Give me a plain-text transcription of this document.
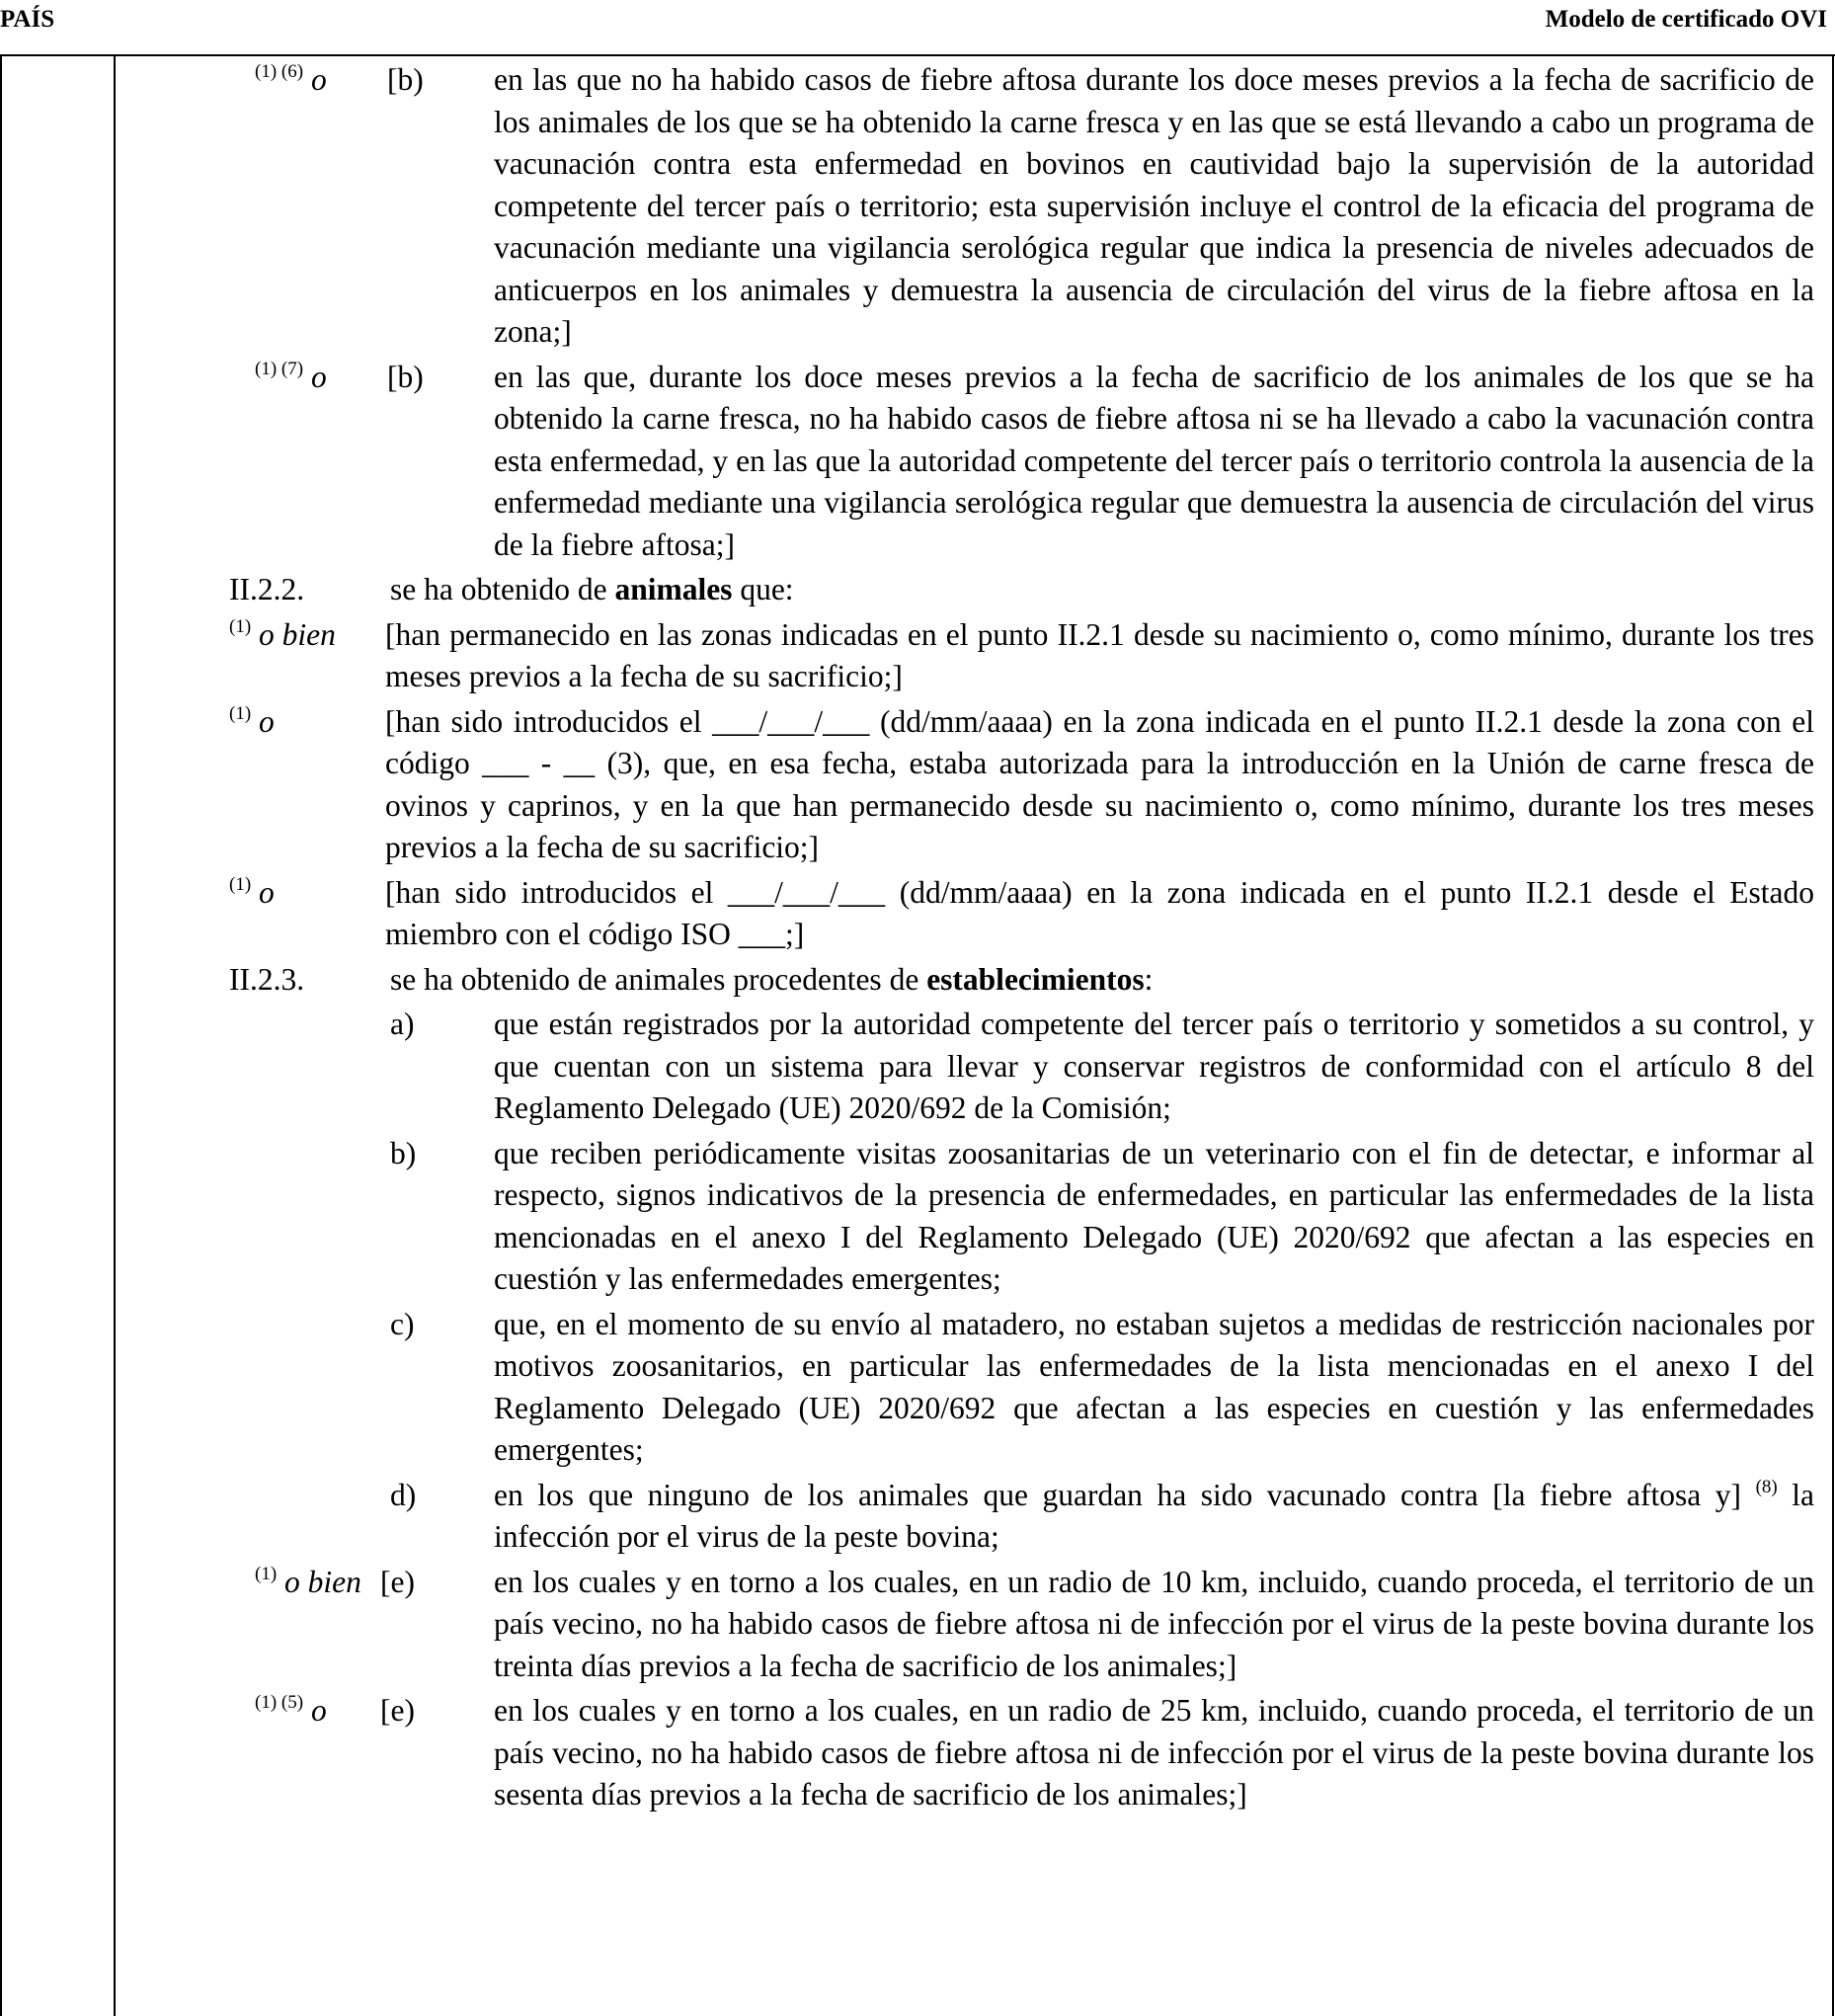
PAÍS	Modelo de certificado OVI
$^{(1) (6)}$ o [b) en las que no ha habido casos de fiebre aftosa durante los doce meses previos a la fecha de sacrificio de los animales de los que se ha obtenido la carne fresca y en las que se está llevando a cabo un programa de vacunación contra esta enfermedad en bovinos en cautividad bajo la supervisión de la autoridad competente del tercer país o territorio; esta supervisión incluye el control de la eficacia del programa de vacunación mediante una vigilancia serológica regular que indica la presencia de niveles adecuados de anticuerpos en los animales y demuestra la ausencia de circulación del virus de la fiebre aftosa en la zona;]
$^{(1) (7)}$ o [b) en las que, durante los doce meses previos a la fecha de sacrificio de los animales de los que se ha obtenido la carne fresca, no ha habido casos de fiebre aftosa ni se ha llevado a cabo la vacunación contra esta enfermedad, y en las que la autoridad competente del tercer país o territorio controla la ausencia de la enfermedad mediante una vigilancia serológica regular que demuestra la ausencia de circulación del virus de la fiebre aftosa;]
II.2.2.	se ha obtenido de animales que:
$^{(1)}$ o bien [han permanecido en las zonas indicadas en el punto II.2.1 desde su nacimiento o, como mínimo, durante los tres meses previos a la fecha de su sacrificio;]
$^{(1)}$ o	[han sido introducidos el ___/___/___ (dd/mm/aaaa) en la zona indicada en el punto II.2.1 desde la zona con el código ___ - __ (3), que, en esa fecha, estaba autorizada para la introducción en la Unión de carne fresca de ovinos y caprinos, y en la que han permanecido desde su nacimiento o, como mínimo, durante los tres meses previos a la fecha de su sacrificio;]
$^{(1)}$ o	[han sido introducidos el ___/___/___ (dd/mm/aaaa) en la zona indicada en el punto II.2.1 desde el Estado miembro con el código ISO ___;]
II.2.3.	se ha obtenido de animales procedentes de establecimientos:
a)	que están registrados por la autoridad competente del tercer país o territorio y sometidos a su control, y que cuentan con un sistema para llevar y conservar registros de conformidad con el artículo 8 del Reglamento Delegado (UE) 2020/692 de la Comisión;
b)	que reciben periódicamente visitas zoosanitarias de un veterinario con el fin de detectar, e informar al respecto, signos indicativos de la presencia de enfermedades, en particular las enfermedades de la lista mencionadas en el anexo I del Reglamento Delegado (UE) 2020/692 que afectan a las especies en cuestión y las enfermedades emergentes;
c)	que, en el momento de su envío al matadero, no estaban sujetos a medidas de restricción nacionales por motivos zoosanitarios, en particular las enfermedades de la lista mencionadas en el anexo I del Reglamento Delegado (UE) 2020/692 que afectan a las especies en cuestión y las enfermedades emergentes;
d)	en los que ninguno de los animales que guardan ha sido vacunado contra [la fiebre aftosa y] $^{(8)}$ la infección por el virus de la peste bovina;
$^{(1)}$ o bien [e)	en los cuales y en torno a los cuales, en un radio de 10 km, incluido, cuando proceda, el territorio de un país vecino, no ha habido casos de fiebre aftosa ni de infección por el virus de la peste bovina durante los treinta días previos a la fecha de sacrificio de los animales;]
$^{(1) (5)}$ o [e)	en los cuales y en torno a los cuales, en un radio de 25 km, incluido, cuando proceda, el territorio de un país vecino, no ha habido casos de fiebre aftosa ni de infección por el virus de la peste bovina durante los sesenta días previos a la fecha de sacrificio de los animales;]
